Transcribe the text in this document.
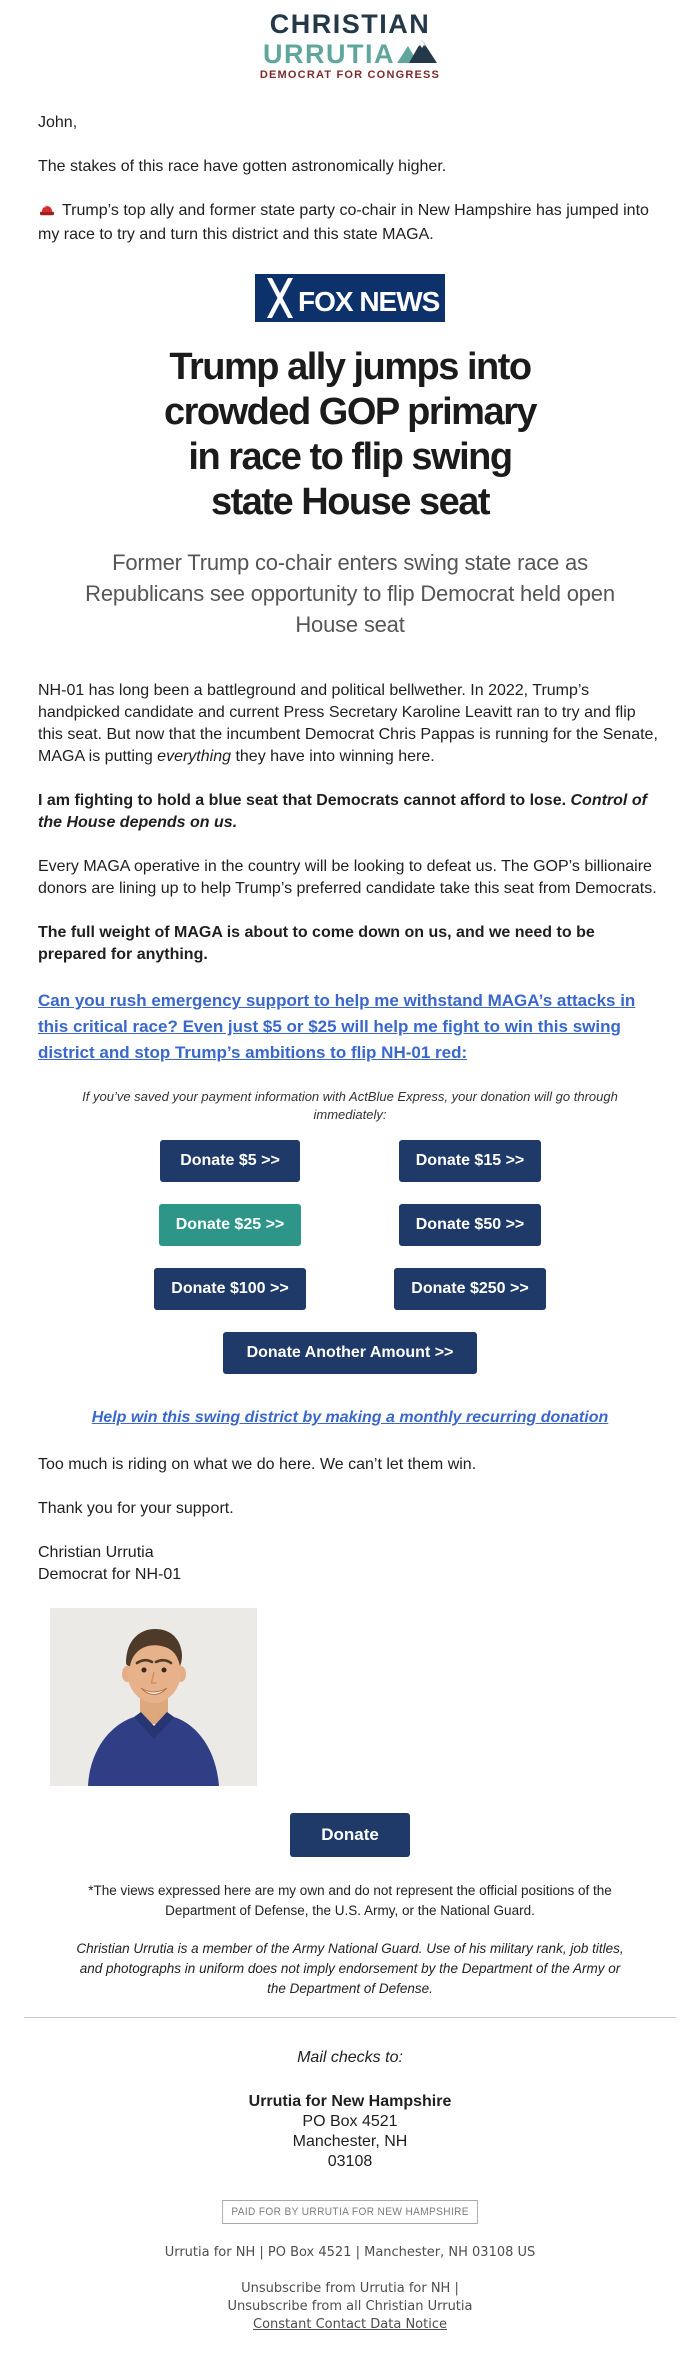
CHRISTIAN
URRUTIA
DEMOCRAT FOR CONGRESS

John,

The stakes of this race have gotten astronomically higher.

Trump’s top ally and former state party co-chair in New Hampshire has jumped into my race to try and turn this district and this state MAGA.

FOX NEWS
Trump ally jumps into
crowded GOP primary
in race to flip swing
state House seat
Former Trump co-chair enters swing state race as Republicans see opportunity to flip Democrat held open House seat

NH-01 has long been a battleground and political bellwether. In 2022, Trump’s handpicked candidate and current Press Secretary Karoline Leavitt ran to try and flip this seat. But now that the incumbent Democrat Chris Pappas is running for the Senate, MAGA is putting everything they have into winning here.

I am fighting to hold a blue seat that Democrats cannot afford to lose. Control of the House depends on us.

Every MAGA operative in the country will be looking to defeat us. The GOP’s billionaire donors are lining up to help Trump’s preferred candidate take this seat from Democrats.

The full weight of MAGA is about to come down on us, and we need to be prepared for anything.

Can you rush emergency support to help me withstand MAGA’s attacks in this critical race? Even just $5 or $25 will help me fight to win this swing district and stop Trump’s ambitions to flip NH-01 red:
If you’ve saved your payment information with ActBlue Express, your donation will go through immediately:
Donate $5 >>	Donate $15 >>
Donate $25 >>	Donate $50 >>
Donate $100 >>	Donate $250 >>
Donate Another Amount >>
Help win this swing district by making a monthly recurring donation

Too much is riding on what we do here. We can’t let them win.

Thank you for your support.

Christian Urrutia
Democrat for NH-01

Donate
*The views expressed here are my own and do not represent the official positions of the Department of Defense, the U.S. Army, or the National Guard.
Christian Urrutia is a member of the Army National Guard. Use of his military rank, job titles, and photographs in uniform does not imply endorsement by the Department of the Army or the Department of Defense.
Mail checks to:
Urrutia for New Hampshire
PO Box 4521
Manchester, NH
03108
PAID FOR BY URRUTIA FOR NEW HAMPSHIRE
Urrutia for NH | PO Box 4521 | Manchester, NH 03108 US
Unsubscribe from Urrutia for NH |
Unsubscribe from all Christian Urrutia
Constant Contact Data Notice
